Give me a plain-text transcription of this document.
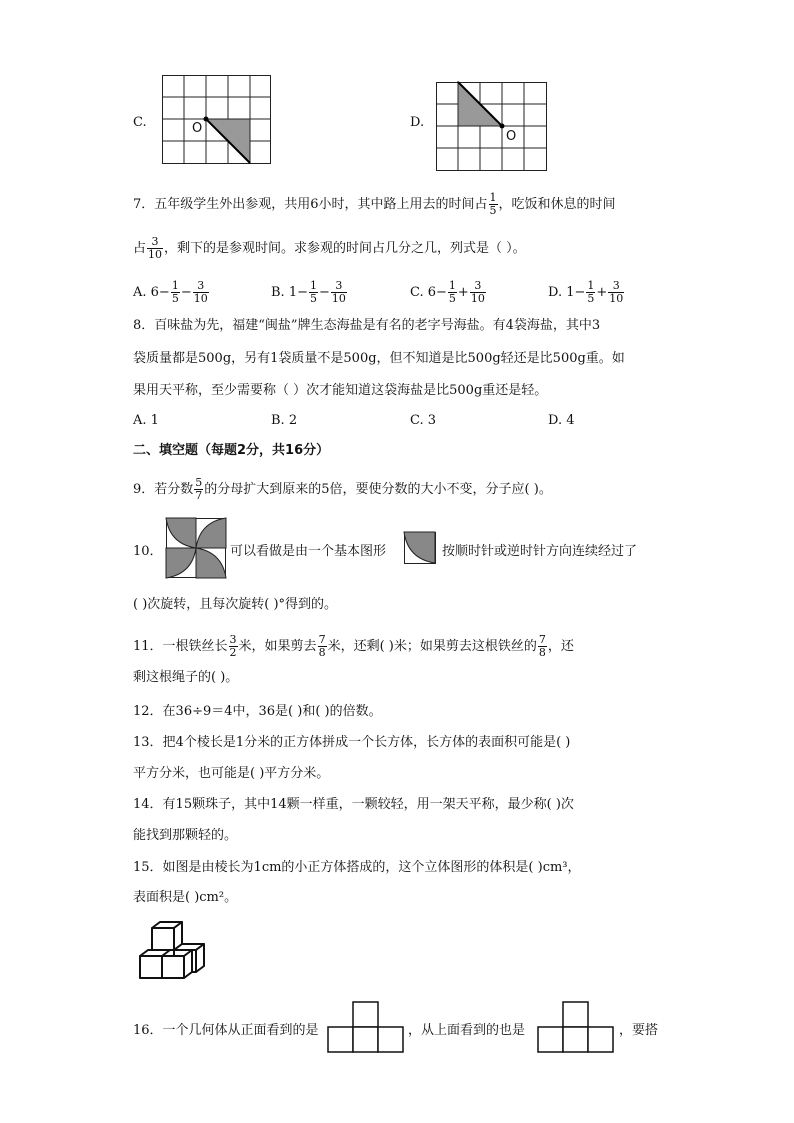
C.	O	D.
O
7．五年级学生外出参观，共用6小时，其中路上用去的时间占 $\frac{1}{5}$ ，吃饭和休息的时间
占 $\frac{3}{10}$ ，剩下的是参观时间。求参观的时间占几分之几，列式是（ ）。
A. $6- \frac{1}{5} - \frac{3}{10}$	B. $1- \frac{1}{5} - \frac{3}{10}$	C. $6- \frac{1}{5} + \frac{3}{10}$	D. $1- \frac{1}{5} + \frac{3}{10}$
8．百味盐为先，福建“闽盐”牌生态海盐是有名的老字号海盐。有4袋海盐，其中3
袋质量都是500g，另有1袋质量不是500g，但不知道是比500g轻还是比500g重。如
果用天平称，至少需要称（ ）次才能知道这袋海盐是比500g重还是轻。
A. 1	B. 2	C. 3	D. 4
二、填空题（每题2分，共16分）
9．若分数 $\frac{5}{7}$ 的分母扩大到原来的5倍，要使分数的大小不变，分子应( )。
10．	可以看做是由一个基本图形	按顺时针或逆时针方向连续经过了
( )次旋转，且每次旋转( )°得到的。
11．一根铁丝长 $\frac{3}{2}$ 米，如果剪去 $\frac{7}{8}$ 米，还剩( )米；如果剪去这根铁丝的 $\frac{7}{8}$ ，还
剩这根绳子的( )。
12．在36÷9＝4中，36是( )和( )的倍数。
13．把4个棱长是1分米的正方体拼成一个长方体，长方体的表面积可能是( )
平方分米，也可能是( )平方分米。
14．有15颗珠子，其中14颗一样重，一颗较轻，用一架天平称，最少称( )次
能找到那颗轻的。
15．如图是由棱长为1cm的小正方体搭成的，这个立体图形的体积是( )cm³，
表面积是( )cm²。
16．一个几何体从正面看到的是	，从上面看到的也是	，要搭
